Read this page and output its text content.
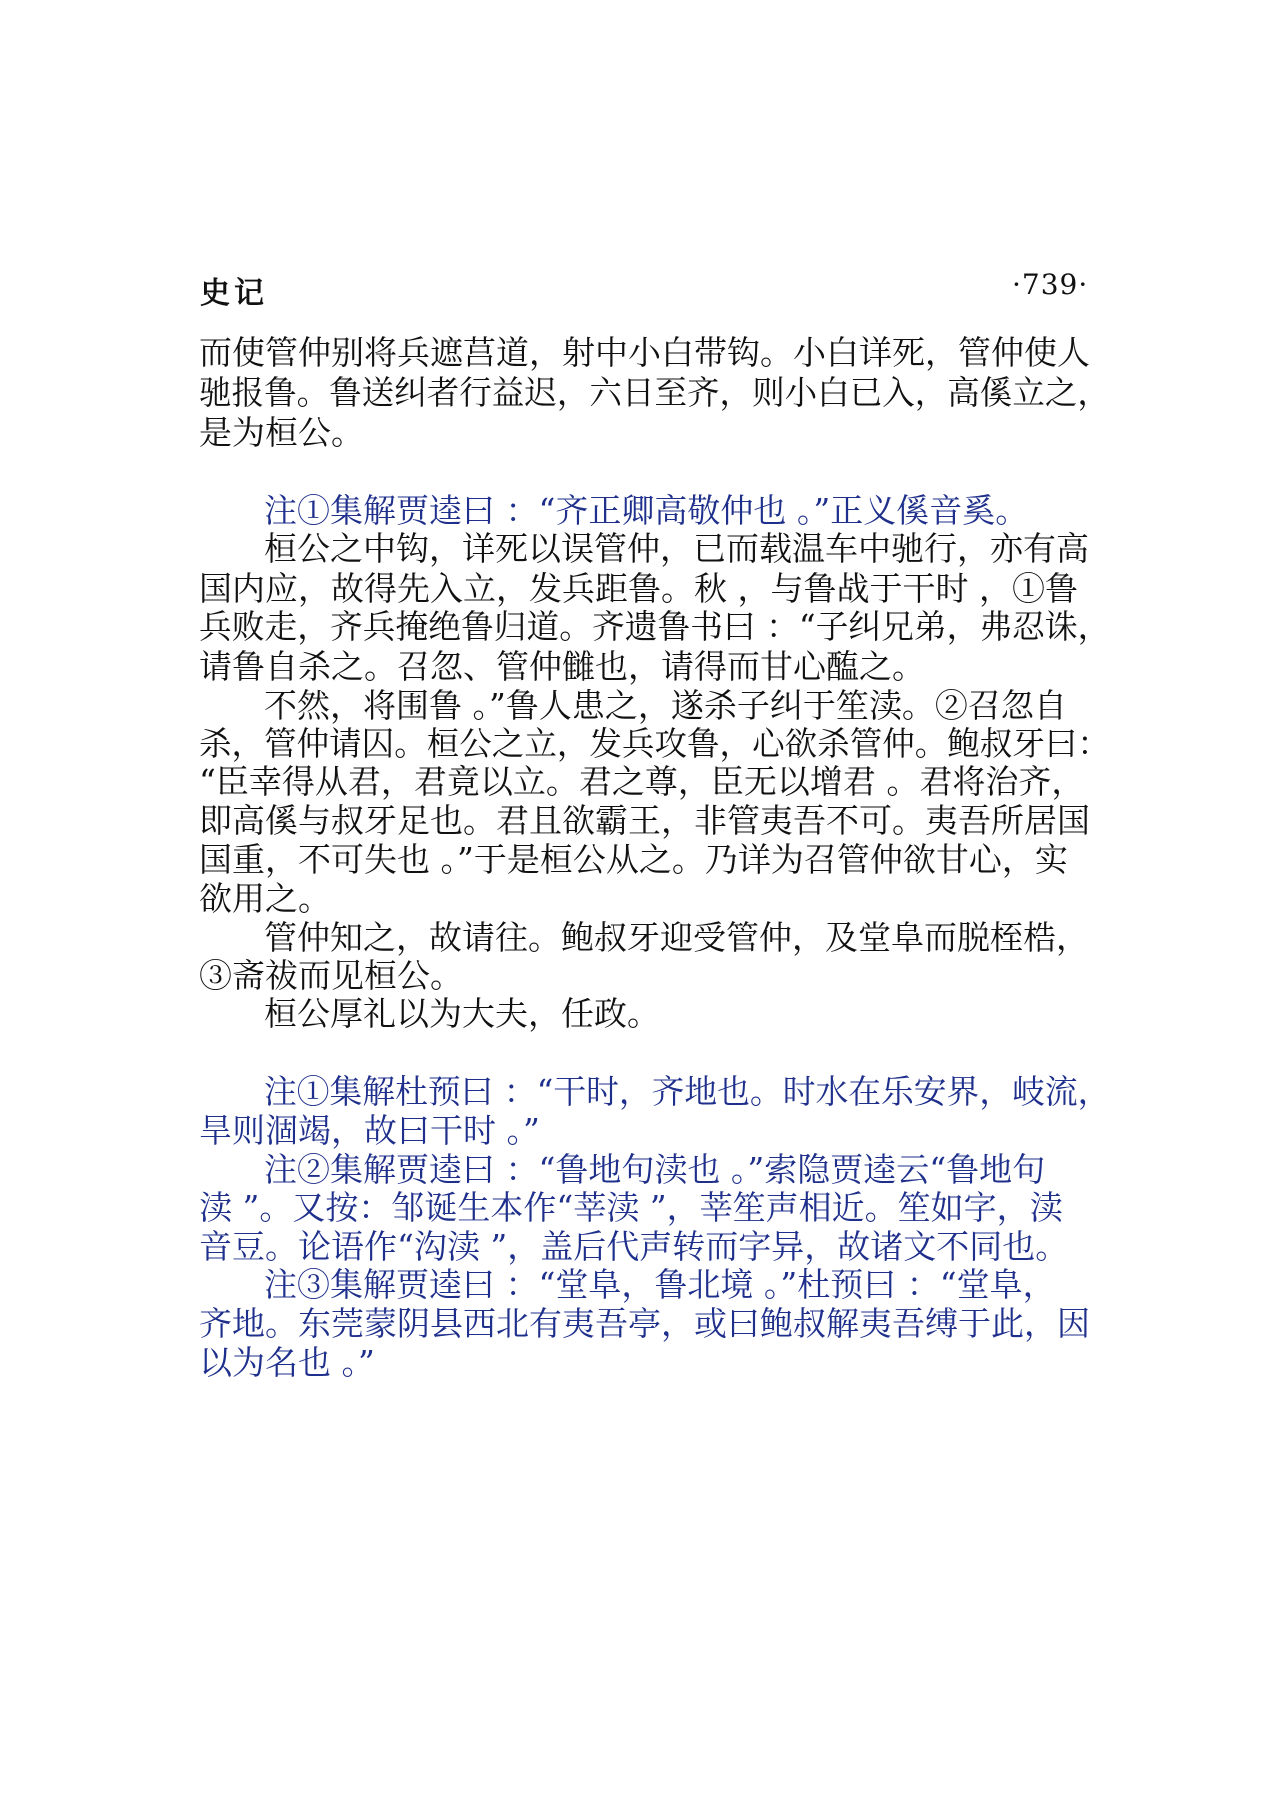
史记	·739·
而使管仲别将兵遮莒道，射中小白带钩。小白详死，管仲使人
驰报鲁。鲁送纠者行益迟，六日至齐，则小白已入，高傒立之，
是为桓公。
注①集解贾逵曰 ：“齐正卿高敬仲也 。”正义傒音奚。
桓公之中钩，详死以误管仲，已而载温车中驰行，亦有高
国内应，故得先入立，发兵距鲁。秋 ，与鲁战于干时 ，①鲁
兵败走，齐兵掩绝鲁归道。齐遗鲁书曰 ：“子纠兄弟，弗忍诛，
请鲁自杀之。召忽、管仲雠也，请得而甘心醢之。
不然，将围鲁 。”鲁人患之，遂杀子纠于笙渎。②召忽自
杀，管仲请囚。桓公之立，发兵攻鲁，心欲杀管仲。鲍叔牙曰：
“臣幸得从君，君竟以立。君之尊，臣无以增君 。君将治齐，
即高傒与叔牙足也。君且欲霸王，非管夷吾不可。夷吾所居国
国重，不可失也 。”于是桓公从之。乃详为召管仲欲甘心，实
欲用之。
管仲知之，故请往。鲍叔牙迎受管仲，及堂阜而脱桎梏，
③斋祓而见桓公。
桓公厚礼以为大夫，任政。
注①集解杜预曰 ：“干时，齐地也。时水在乐安界，岐流，
旱则涸竭，故曰干时 。”
注②集解贾逵曰 ：“鲁地句渎也 。”索隐贾逵云“鲁地句
渎 ”。又按：邹诞生本作“莘渎 ”，莘笙声相近。笙如字，渎
音豆。论语作“沟渎 ”，盖后代声转而字异，故诸文不同也。
注③集解贾逵曰 ：“堂阜，鲁北境 。”杜预曰 ：“堂阜，
齐地。东莞蒙阴县西北有夷吾亭，或曰鲍叔解夷吾缚于此，因
以为名也 。”
